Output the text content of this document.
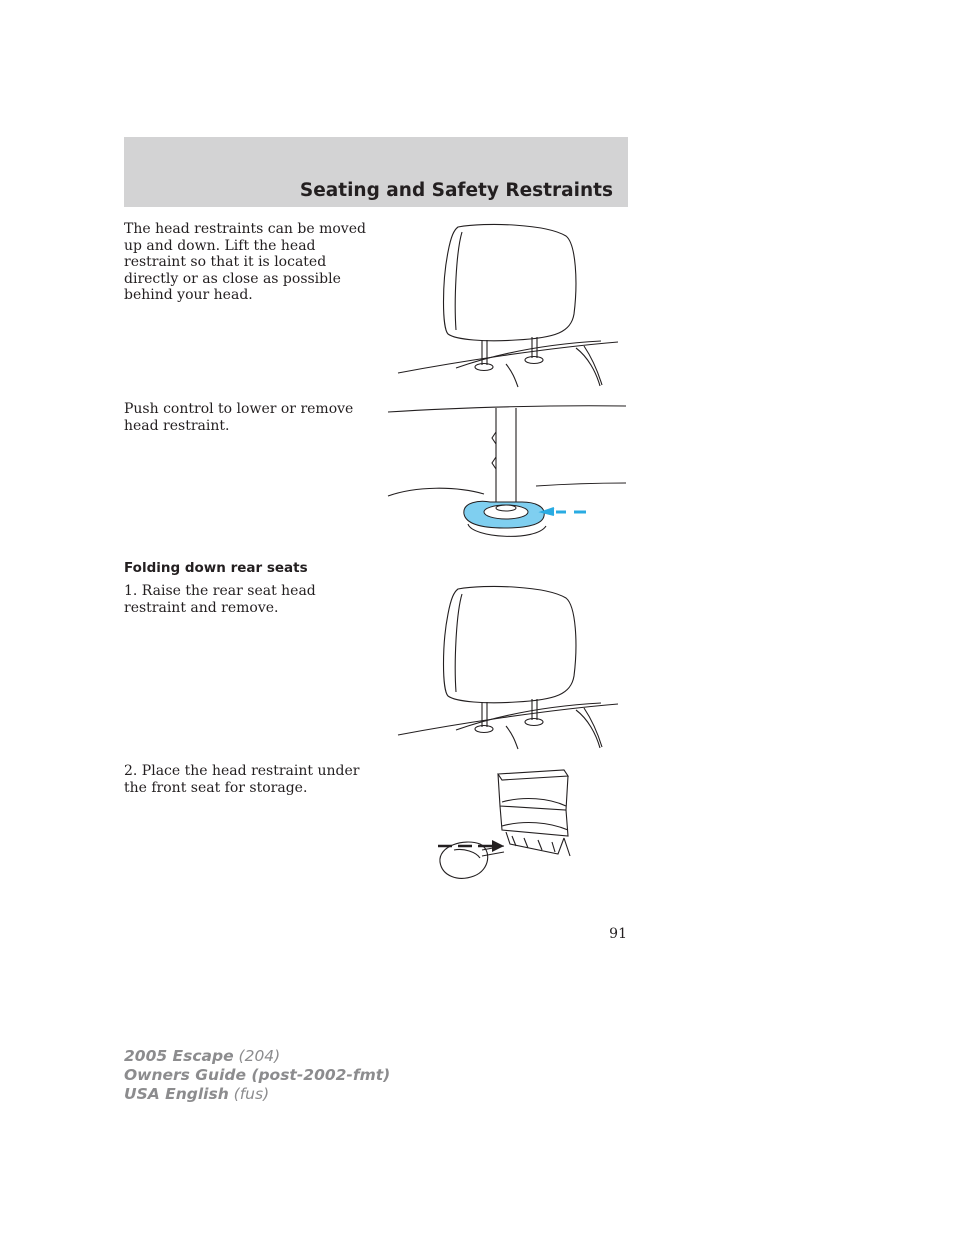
Seating and Safety Restraints

The head restraints can be moved up and down. Lift the head restraint so that it is located directly or as close as possible behind your head.

Push control to lower or remove head restraint.

Folding down rear seats

1. Raise the rear seat head restraint and remove.

2. Place the head restraint under the front seat for storage.

91

2005 Escape (204)
Owners Guide (post-2002-fmt)
USA English (fus)
